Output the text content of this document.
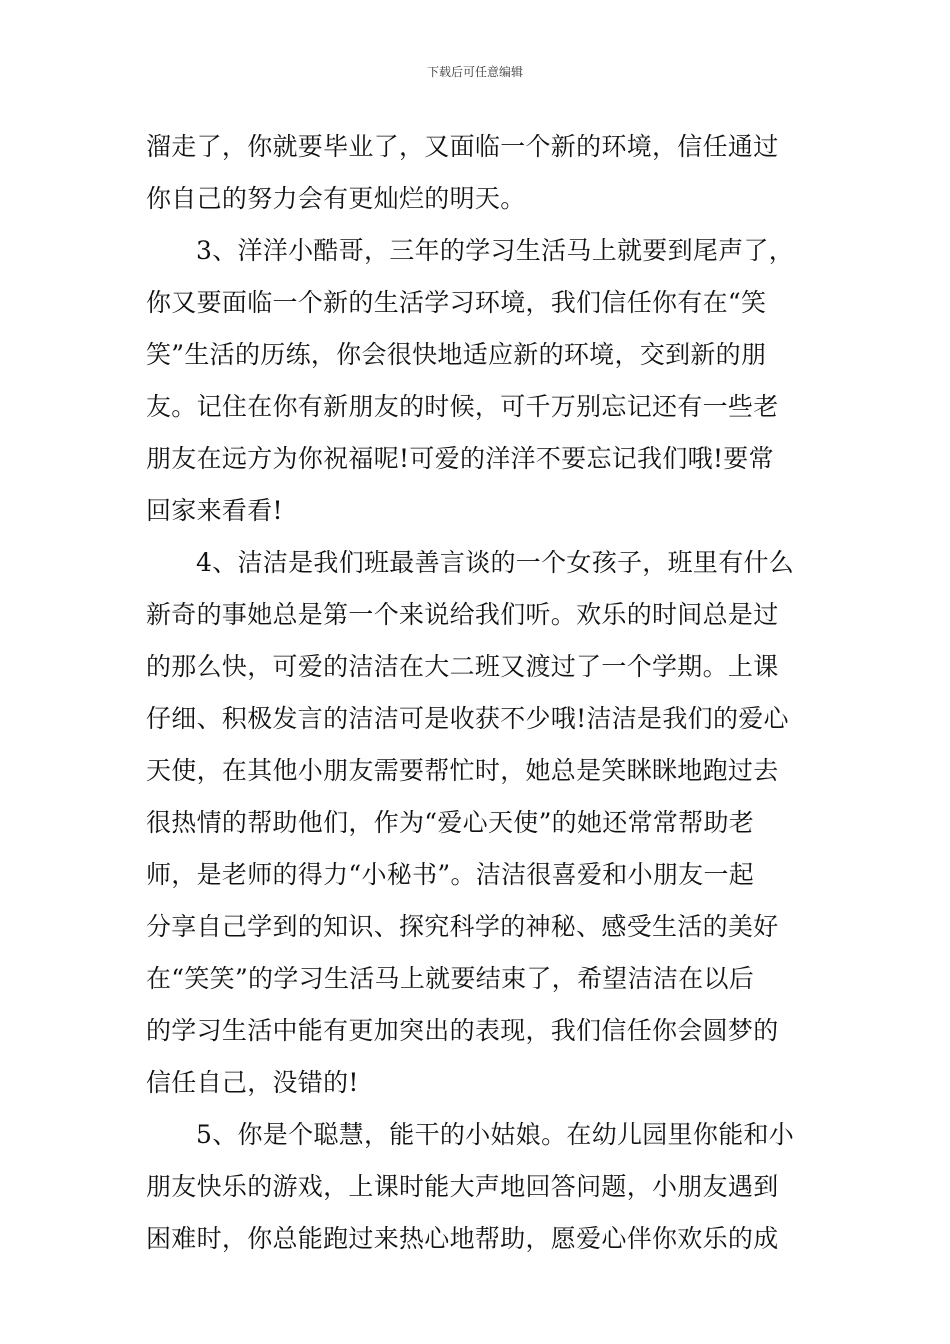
下载后可任意编辑
溜走了，你就要毕业了，又面临一个新的环境，信任通过
你自己的努力会有更灿烂的明天。
3、洋洋小酷哥，三年的学习生活马上就要到尾声了，
你又要面临一个新的生活学习环境，我们信任你有在“笑
笑”生活的历练，你会很快地适应新的环境，交到新的朋
友。记住在你有新朋友的时候，可千万别忘记还有一些老
朋友在远方为你祝福呢!可爱的洋洋不要忘记我们哦!要常
回家来看看!
4、洁洁是我们班最善言谈的一个女孩子，班里有什么
新奇的事她总是第一个来说给我们听。欢乐的时间总是过
的那么快，可爱的洁洁在大二班又渡过了一个学期。上课
仔细、积极发言的洁洁可是收获不少哦!洁洁是我们的爱心
天使，在其他小朋友需要帮忙时，她总是笑眯眯地跑过去
很热情的帮助他们，作为“爱心天使”的她还常常帮助老
师，是老师的得力“小秘书”。洁洁很喜爱和小朋友一起
分享自己学到的知识、探究科学的神秘、感受生活的美好
在“笑笑”的学习生活马上就要结束了，希望洁洁在以后
的学习生活中能有更加突出的表现，我们信任你会圆梦的
信任自己，没错的!
5、你是个聪慧，能干的小姑娘。在幼儿园里你能和小
朋友快乐的游戏，上课时能大声地回答问题，小朋友遇到
困难时，你总能跑过来热心地帮助，愿爱心伴你欢乐的成
